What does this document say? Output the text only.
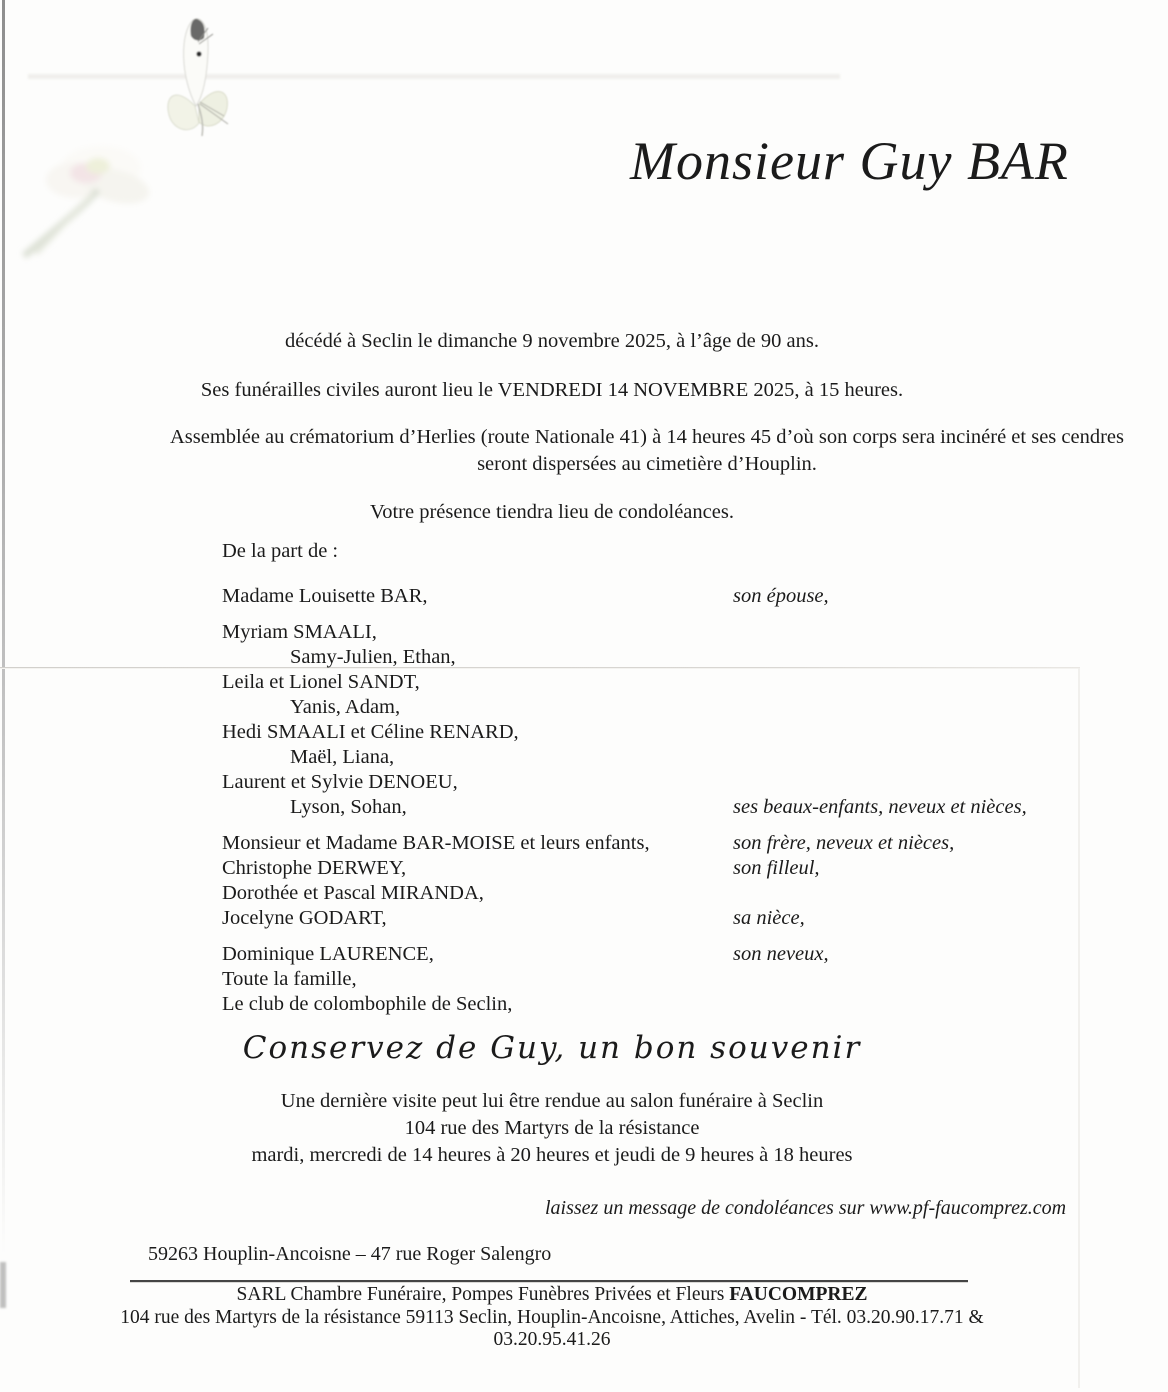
Monsieur Guy BAR
décédé à Seclin le dimanche 9 novembre 2025, à l’âge de 90 ans.
Ses funérailles civiles auront lieu le VENDREDI 14 NOVEMBRE 2025, à 15 heures.
Assemblée au crématorium d’Herlies (route Nationale 41) à 14 heures 45 d’où son corps sera incinéré et ses cendres seront dispersées au cimetière d’Houplin.
Votre présence tiendra lieu de condoléances.
De la part de :
Madame Louisette BAR,	son épouse,
Myriam SMAALI,
Samy-Julien, Ethan,
Leila et Lionel SANDT,
Yanis, Adam,
Hedi SMAALI et Céline RENARD,
Maël, Liana,
Laurent et Sylvie DENOEU,
Lyson, Sohan,	ses beaux-enfants, neveux et nièces,
Monsieur et Madame BAR-MOISE et leurs enfants,	son frère, neveux et nièces,
Christophe DERWEY,	son filleul,
Dorothée et Pascal MIRANDA,
Jocelyne GODART,	sa nièce,
Dominique LAURENCE,	son neveux,
Toute la famille,
Le club de colombophile de Seclin,
Conservez de Guy, un bon souvenir
Une dernière visite peut lui être rendue au salon funéraire à Seclin
104 rue des Martyrs de la résistance
mardi, mercredi de 14 heures à 20 heures et jeudi de 9 heures à 18 heures
laissez un message de condoléances sur www.pf-faucomprez.com
59263 Houplin-Ancoisne – 47 rue Roger Salengro
SARL Chambre Funéraire, Pompes Funèbres Privées et Fleurs FAUCOMPREZ
104 rue des Martyrs de la résistance 59113 Seclin, Houplin-Ancoisne, Attiches, Avelin - Tél. 03.20.90.17.71 & 03.20.95.41.26
